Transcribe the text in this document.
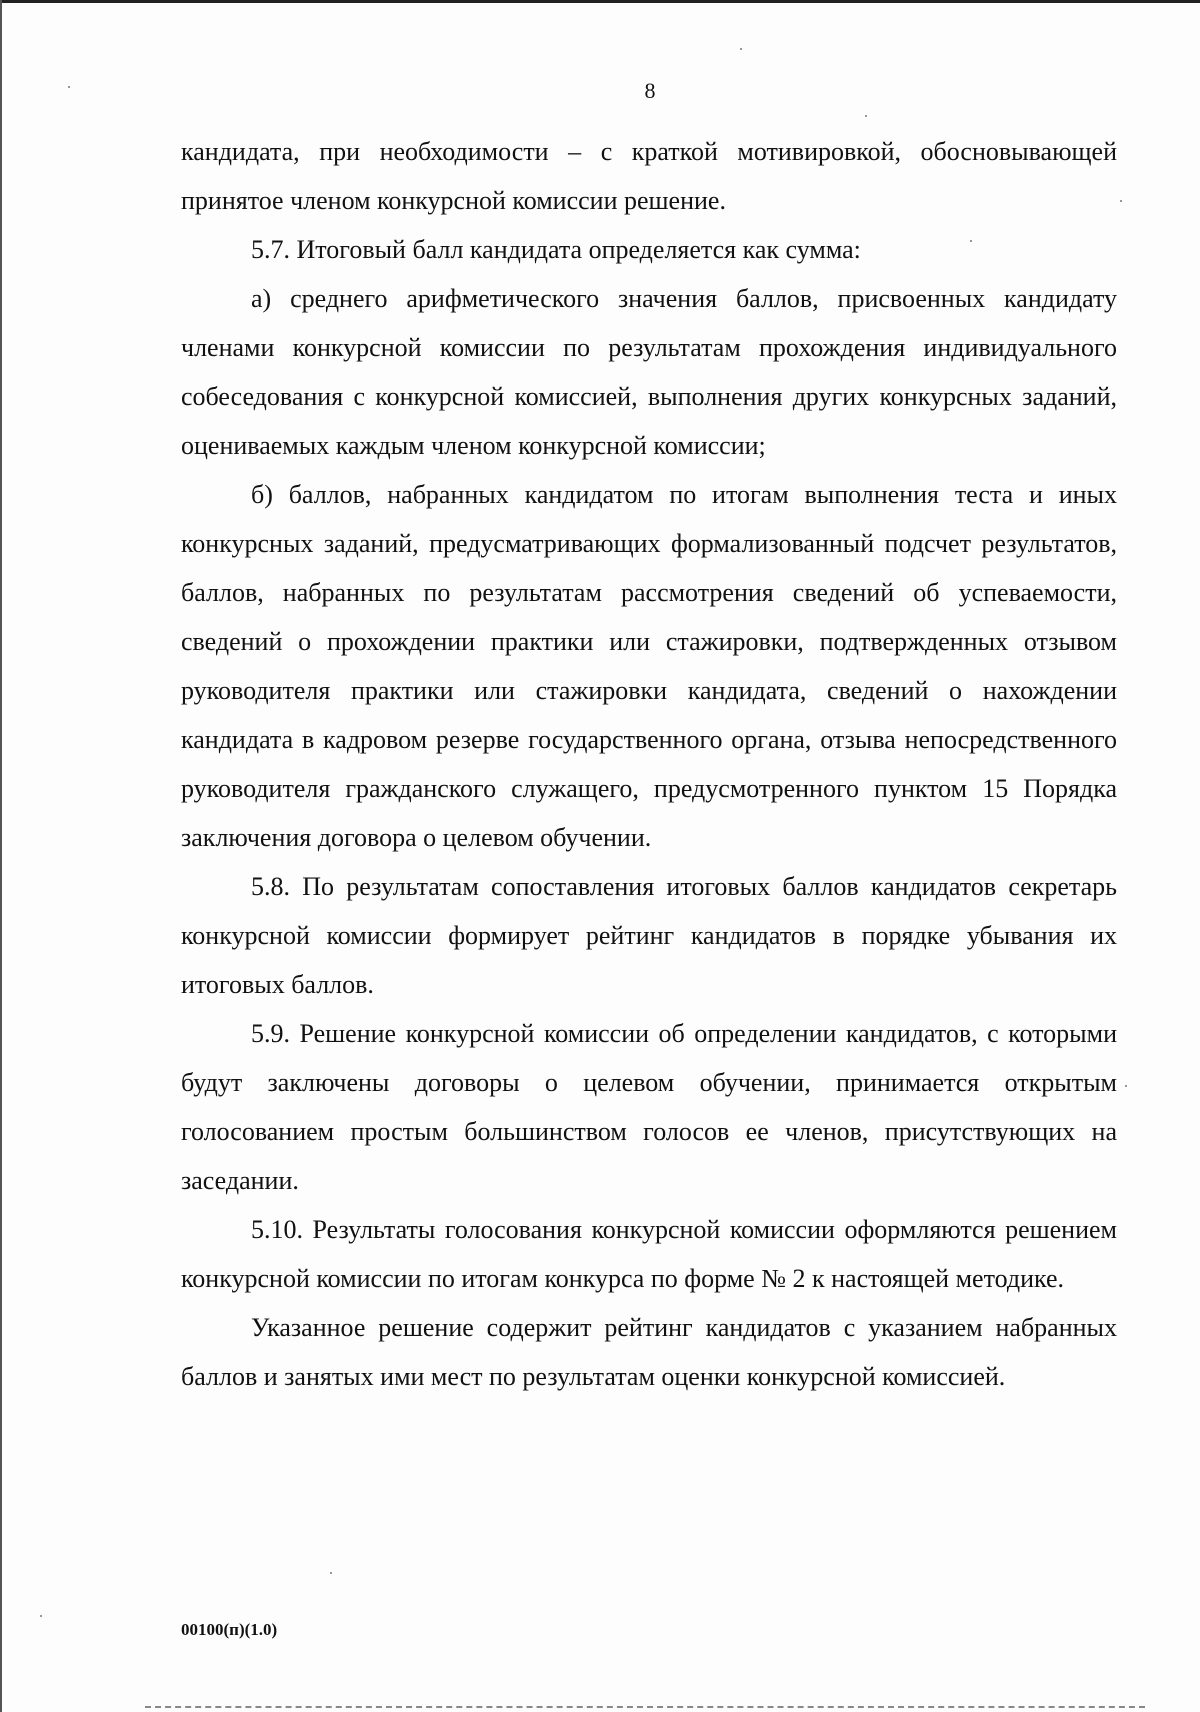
8

кандидата, при необходимости – с краткой мотивировкой, обосновывающей принятое членом конкурсной комиссии решение.

5.7. Итоговый балл кандидата определяется как сумма:

а) среднего арифметического значения баллов, присвоенных кандидату членами конкурсной комиссии по результатам прохождения индивидуального собеседования с конкурсной комиссией, выполнения других конкурсных заданий, оцениваемых каждым членом конкурсной комиссии;

б) баллов, набранных кандидатом по итогам выполнения теста и иных конкурсных заданий, предусматривающих формализованный подсчет результатов, баллов, набранных по результатам рассмотрения сведений об успеваемости, сведений о прохождении практики или стажировки, подтвержденных отзывом руководителя практики или стажировки кандидата, сведений о нахождении кандидата в кадровом резерве государственного органа, отзыва непосредственного руководителя гражданского служащего, предусмотренного пунктом 15 Порядка заключения договора о целевом обучении.

5.8. По результатам сопоставления итоговых баллов кандидатов секретарь конкурсной комиссии формирует рейтинг кандидатов в порядке убывания их итоговых баллов.

5.9. Решение конкурсной комиссии об определении кандидатов, с которыми будут заключены договоры о целевом обучении, принимается открытым голосованием простым большинством голосов ее членов, присутствующих на заседании.

5.10. Результаты голосования конкурсной комиссии оформляются решением конкурсной комиссии по итогам конкурса по форме № 2 к настоящей методике.

Указанное решение содержит рейтинг кандидатов с указанием набранных баллов и занятых ими мест по результатам оценки конкурсной комиссией.

00100(п)(1.0)
